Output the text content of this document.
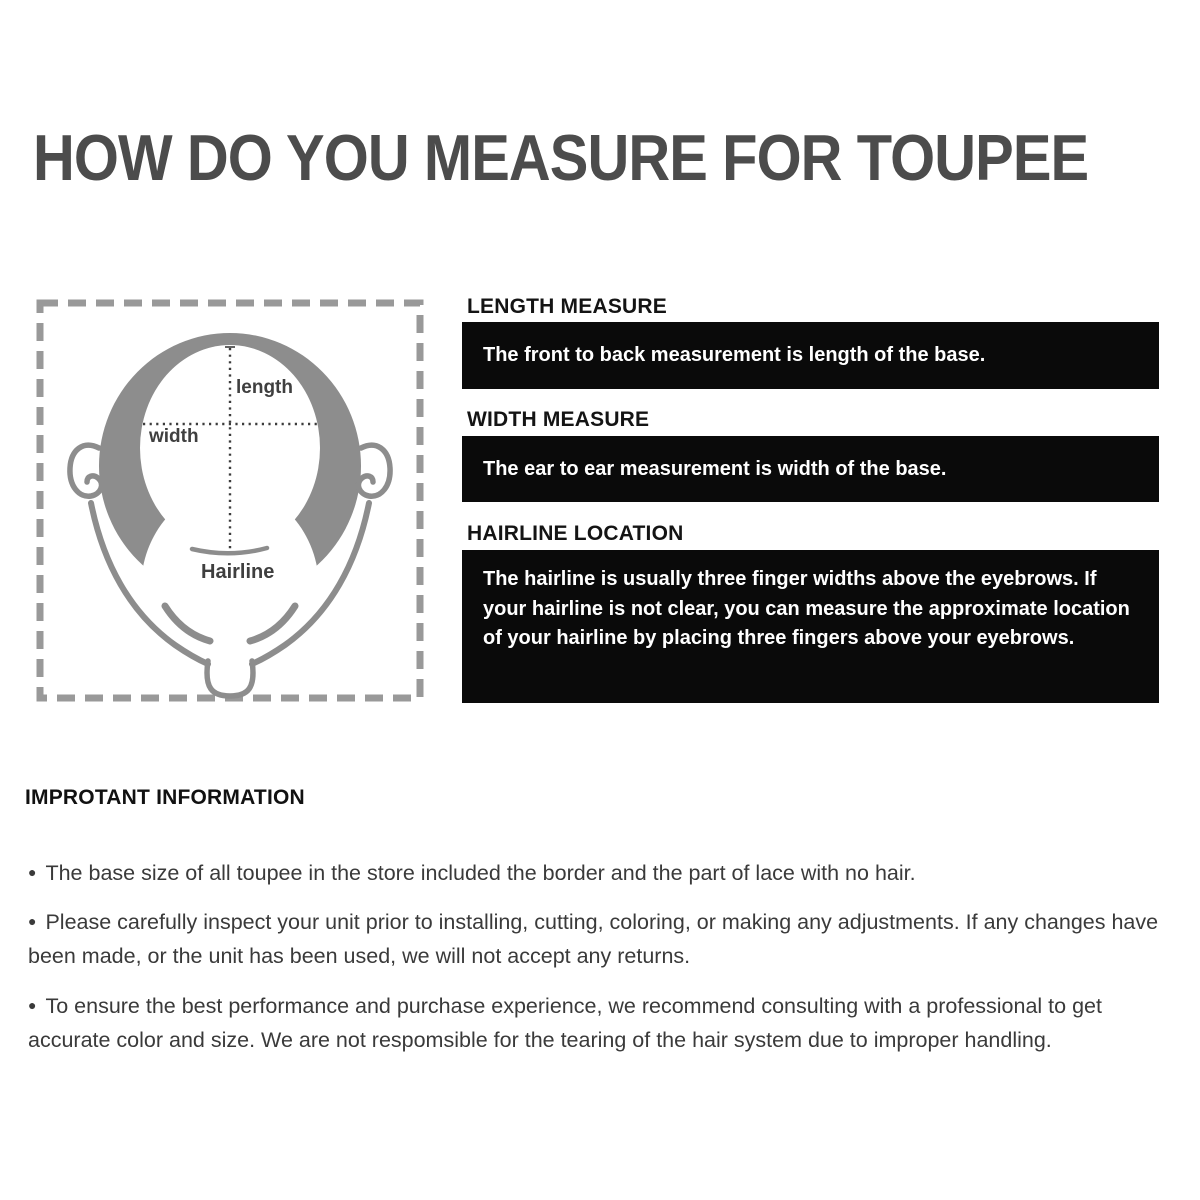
HOW DO YOU MEASURE FOR TOUPEE
length
width
Hairline
LENGTH MEASURE
The front to back measurement is length of the base.
WIDTH MEASURE
The ear to ear measurement is width of the base.
HAIRLINE LOCATION
The hairline is usually three finger widths above the eyebrows. If your hairline is not clear, you can measure the approximate location of your hairline by placing three fingers above your eyebrows.
IMPROTANT INFORMATION

● The base size of all toupee in the store included the border and the part of lace with no hair.

● Please carefully inspect your unit prior to installing, cutting, coloring, or making any adjustments. If any changes have been made, or the unit has been used, we will not accept any returns.

● To ensure the best performance and purchase experience, we recommend consulting with a professional to get accurate color and size. We are not respomsible for the tearing of the hair system due to improper handling.
